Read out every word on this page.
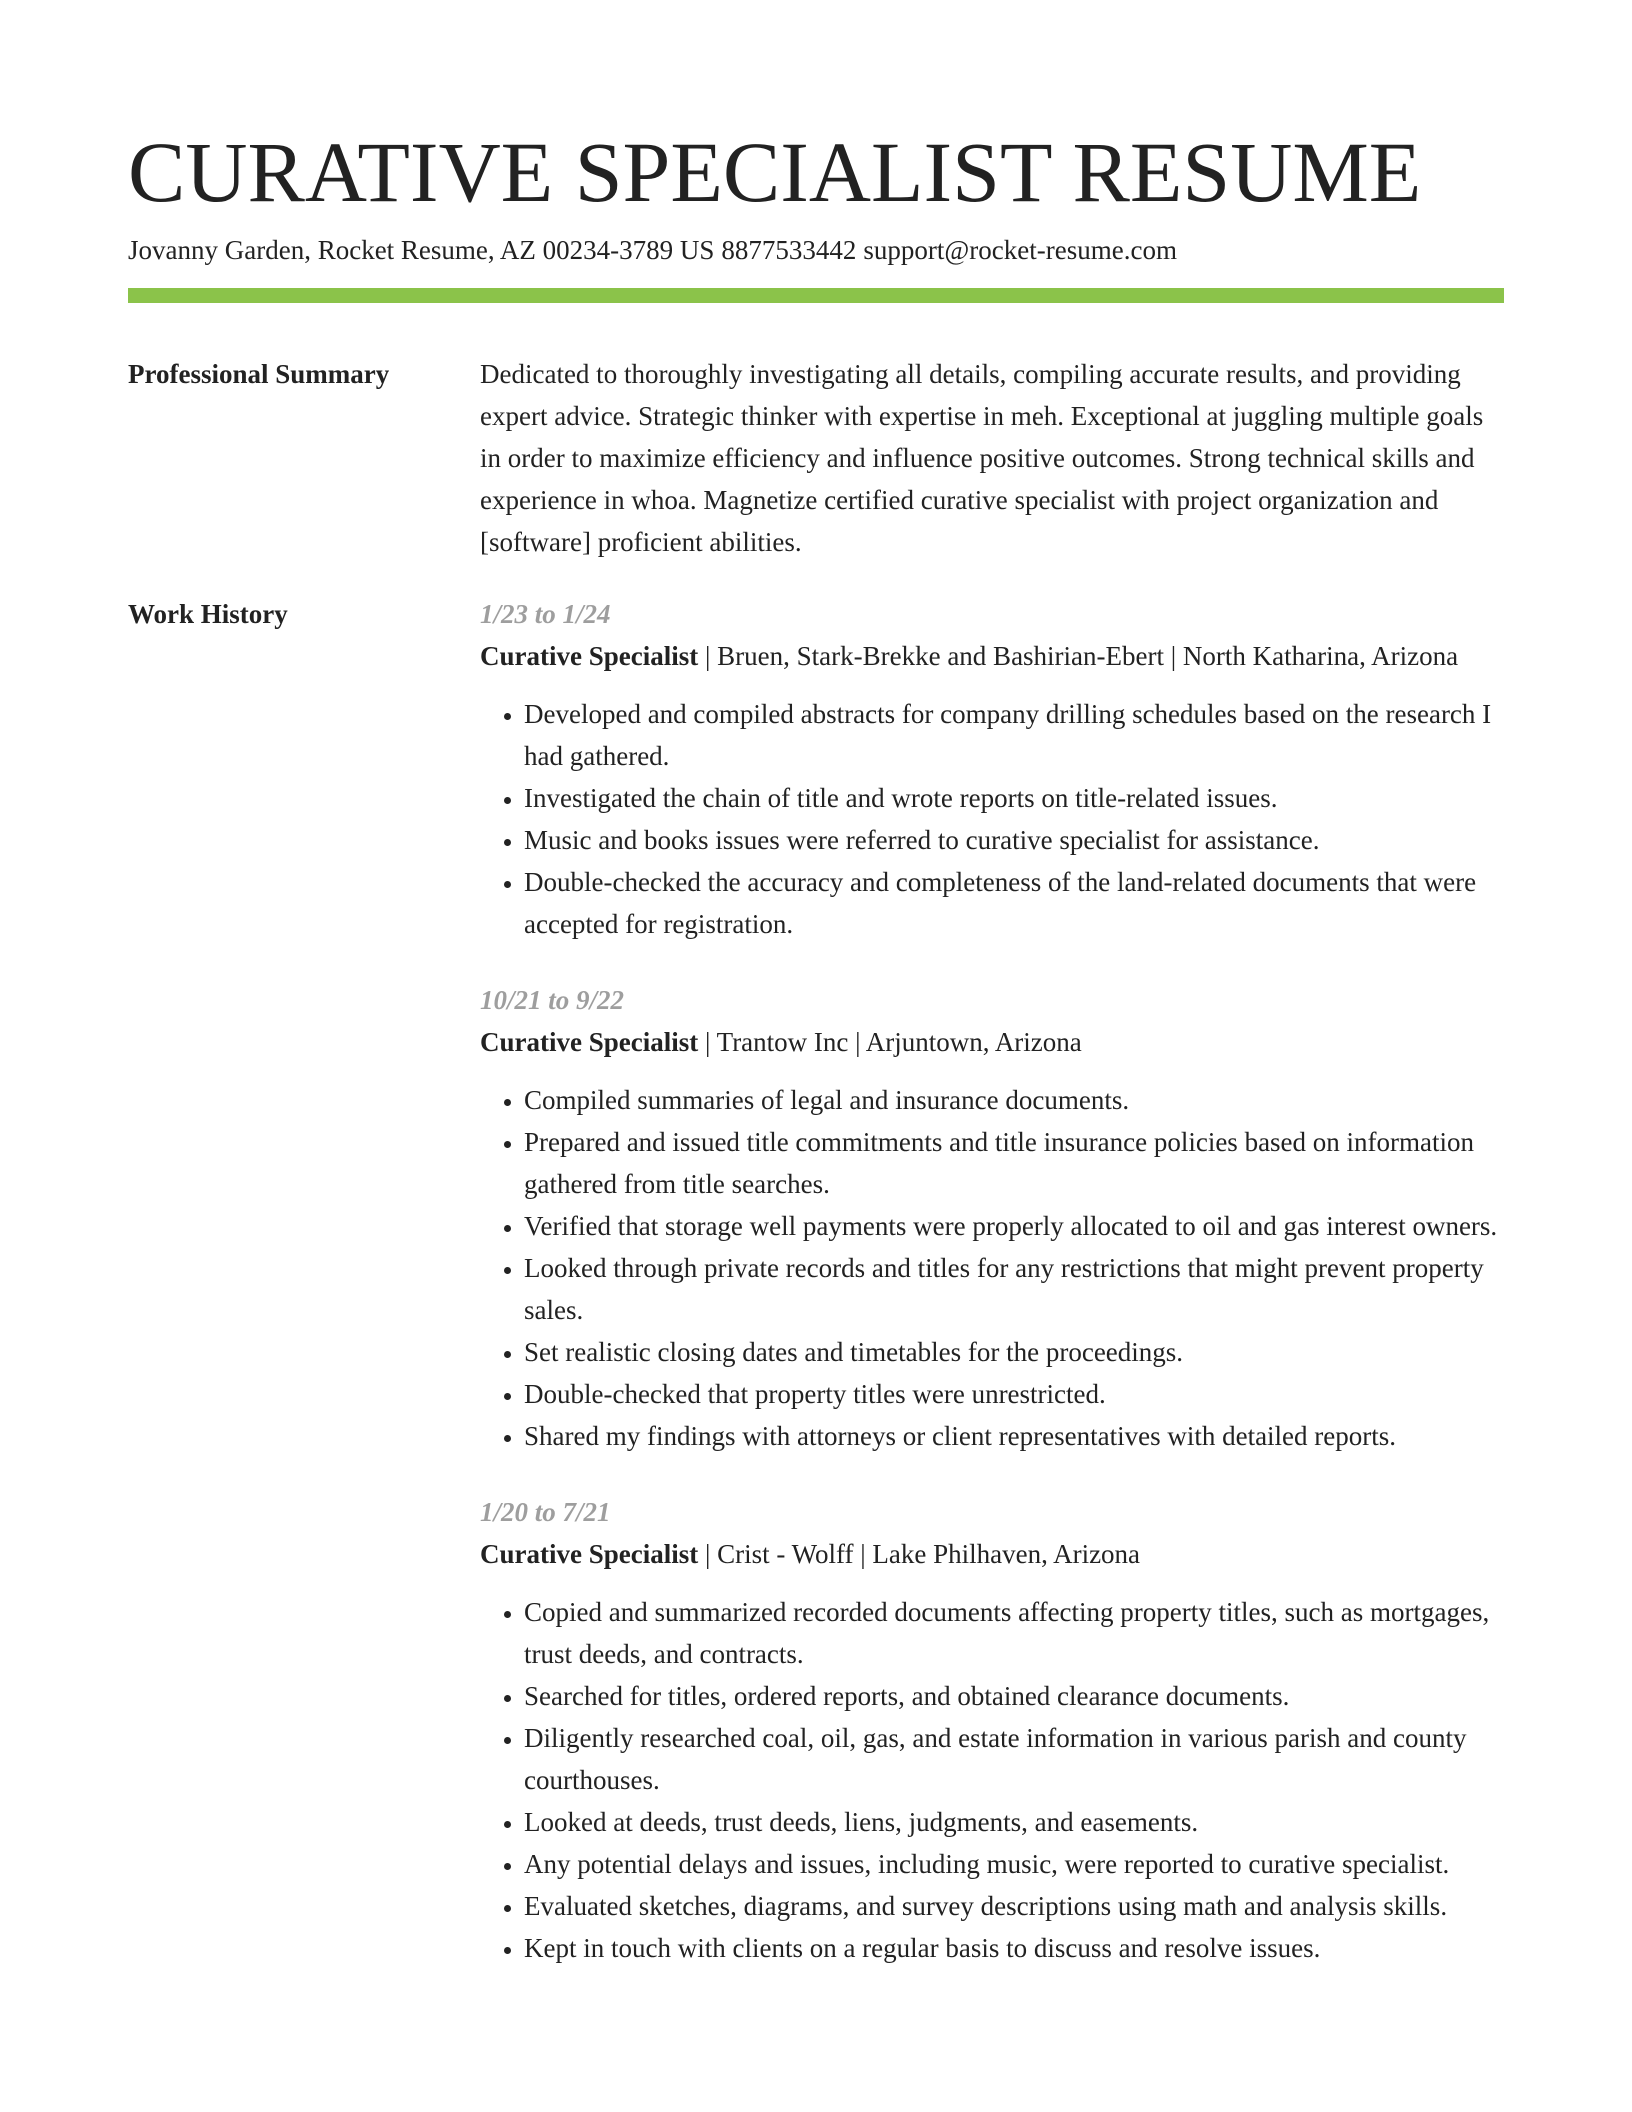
CURATIVE SPECIALIST RESUME
Jovanny Garden, Rocket Resume, AZ 00234-3789 US 8877533442 support@rocket-resume.com
Professional Summary	Dedicated to thoroughly investigating all details, compiling accurate results, and providing expert advice. Strategic thinker with expertise in meh. Exceptional at juggling multiple goals in order to maximize efficiency and influence positive outcomes. Strong technical skills and experience in whoa. Magnetize certified curative specialist with project organization and [software] proficient abilities.
Work History	1/23 to 1/24
Curative Specialist | Bruen, Stark-Brekke and Bashirian-Ebert | North Katharina, Arizona
• Developed and compiled abstracts for company drilling schedules based on the research I had gathered.
• Investigated the chain of title and wrote reports on title-related issues.
• Music and books issues were referred to curative specialist for assistance.
• Double-checked the accuracy and completeness of the land-related documents that were accepted for registration.
10/21 to 9/22
Curative Specialist | Trantow Inc | Arjuntown, Arizona
• Compiled summaries of legal and insurance documents.
• Prepared and issued title commitments and title insurance policies based on information gathered from title searches.
• Verified that storage well payments were properly allocated to oil and gas interest owners.
• Looked through private records and titles for any restrictions that might prevent property sales.
• Set realistic closing dates and timetables for the proceedings.
• Double-checked that property titles were unrestricted.
• Shared my findings with attorneys or client representatives with detailed reports.
1/20 to 7/21
Curative Specialist | Crist - Wolff | Lake Philhaven, Arizona
• Copied and summarized recorded documents affecting property titles, such as mortgages, trust deeds, and contracts.
• Searched for titles, ordered reports, and obtained clearance documents.
• Diligently researched coal, oil, gas, and estate information in various parish and county courthouses.
• Looked at deeds, trust deeds, liens, judgments, and easements.
• Any potential delays and issues, including music, were reported to curative specialist.
• Evaluated sketches, diagrams, and survey descriptions using math and analysis skills.
• Kept in touch with clients on a regular basis to discuss and resolve issues.
